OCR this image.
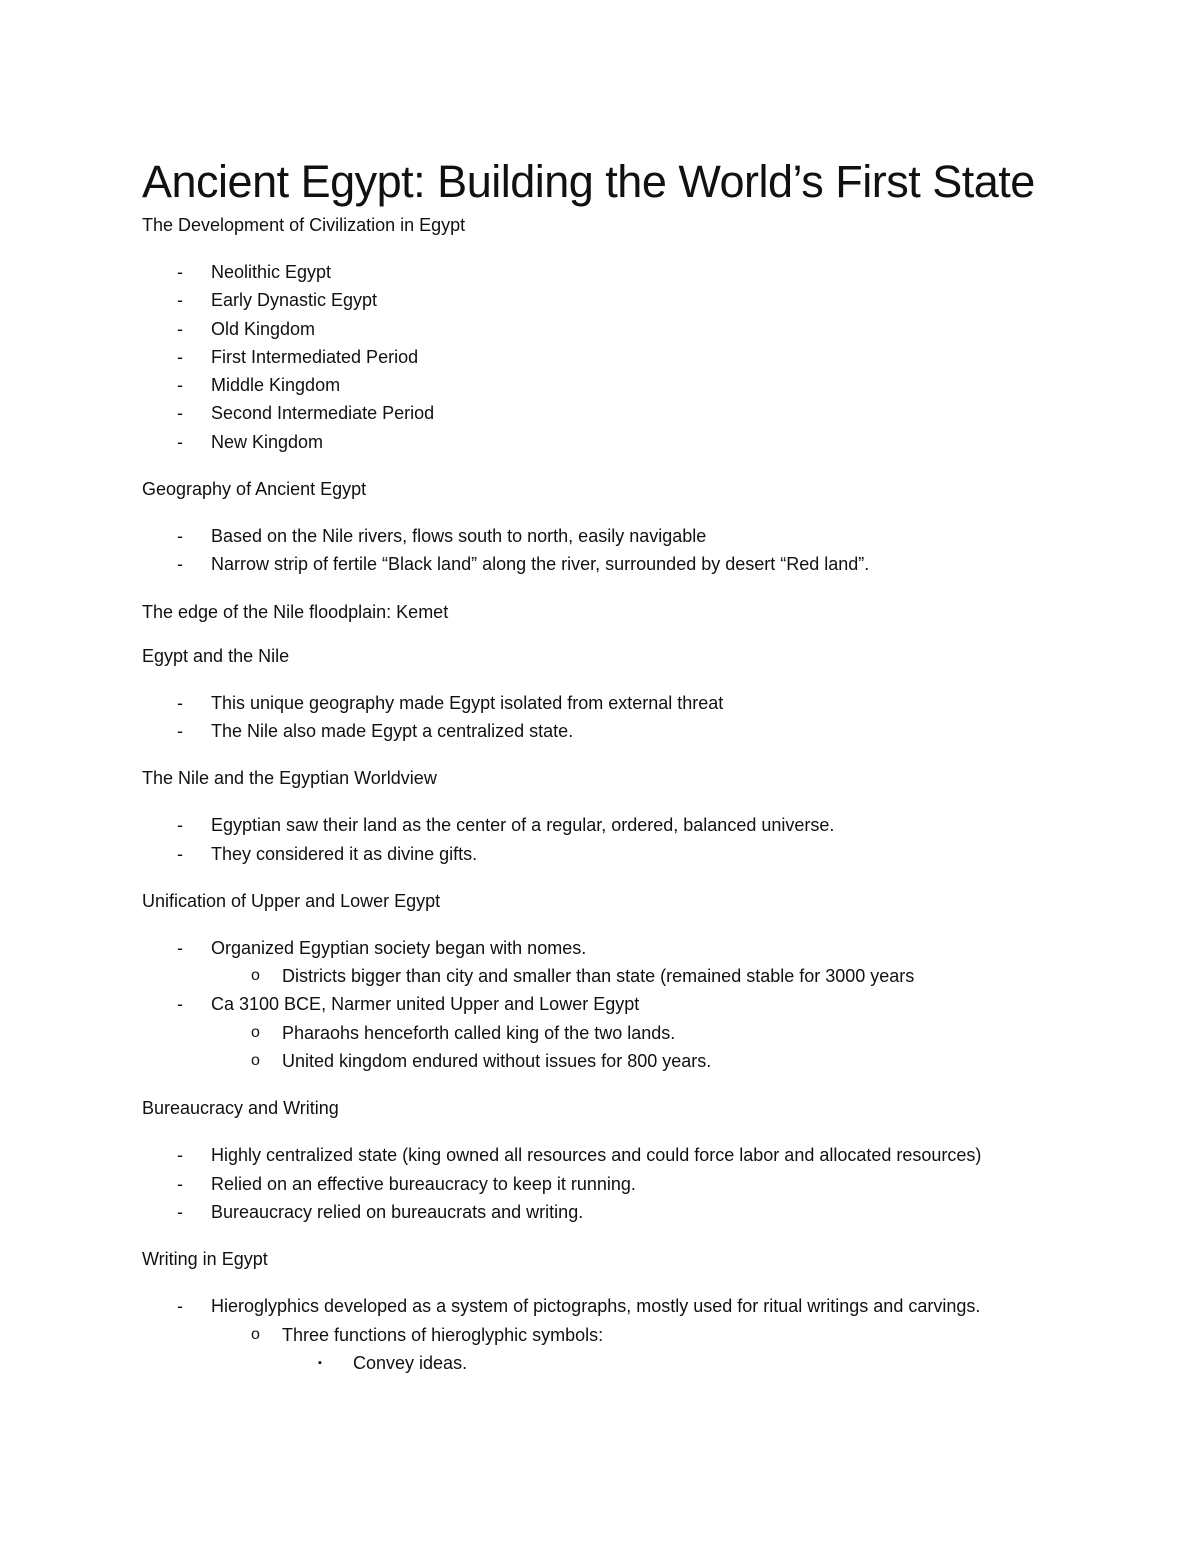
Ancient Egypt: Building the World’s First State

The Development of Civilization in Egypt

- Neolithic Egypt
- Early Dynastic Egypt
- Old Kingdom
- First Intermediated Period
- Middle Kingdom
- Second Intermediate Period
- New Kingdom

Geography of Ancient Egypt

- Based on the Nile rivers, flows south to north, easily navigable
- Narrow strip of fertile “Black land” along the river, surrounded by desert “Red land”.

The edge of the Nile floodplain: Kemet

Egypt and the Nile

- This unique geography made Egypt isolated from external threat
- The Nile also made Egypt a centralized state.

The Nile and the Egyptian Worldview

- Egyptian saw their land as the center of a regular, ordered, balanced universe.
- They considered it as divine gifts.

Unification of Upper and Lower Egypt

- Organized Egyptian society began with nomes.
o Districts bigger than city and smaller than state (remained stable for 3000 years
- Ca 3100 BCE, Narmer united Upper and Lower Egypt
o Pharaohs henceforth called king of the two lands.
o United kingdom endured without issues for 800 years.

Bureaucracy and Writing

- Highly centralized state (king owned all resources and could force labor and allocated resources)
- Relied on an effective bureaucracy to keep it running.
- Bureaucracy relied on bureaucrats and writing.

Writing in Egypt

- Hieroglyphics developed as a system of pictographs, mostly used for ritual writings and carvings.
o Three functions of hieroglyphic symbols:
▪ Convey ideas.
